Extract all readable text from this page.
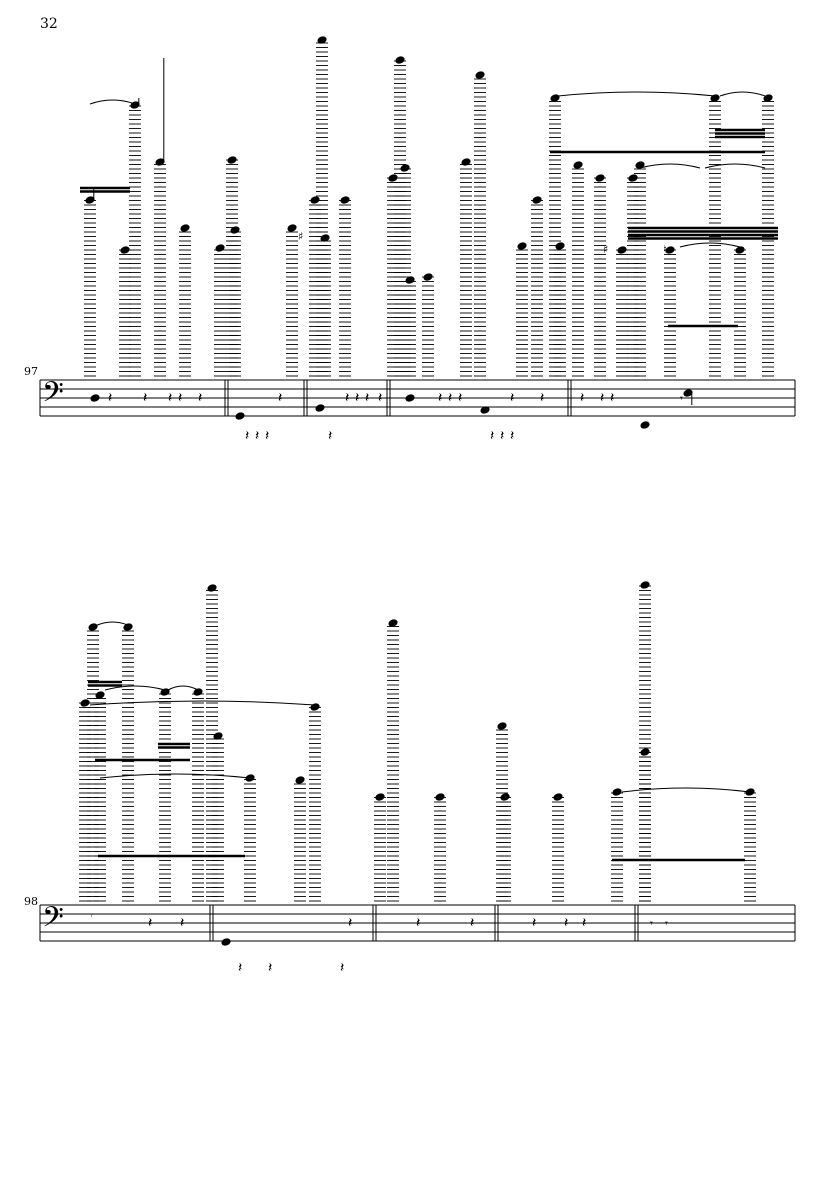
32
97
98
𝄢	𝄽 𝄽 𝄽 𝄽 𝄽	𝄽	𝄽 𝄽 𝄽 𝄽	𝄽 𝄽 𝄽	𝄽 𝄽	𝄽 𝄽 𝄽
𝄽 𝄽 𝄽	𝄽	𝄽 𝄽 𝄽
𝄾
♯	♮
♯
𝄢	𝄽 𝄽	𝄽	𝄽	𝄽	𝄽 𝄽 𝄽
𝄽 𝄽	𝄽
𝄾
𝄾 𝄾
